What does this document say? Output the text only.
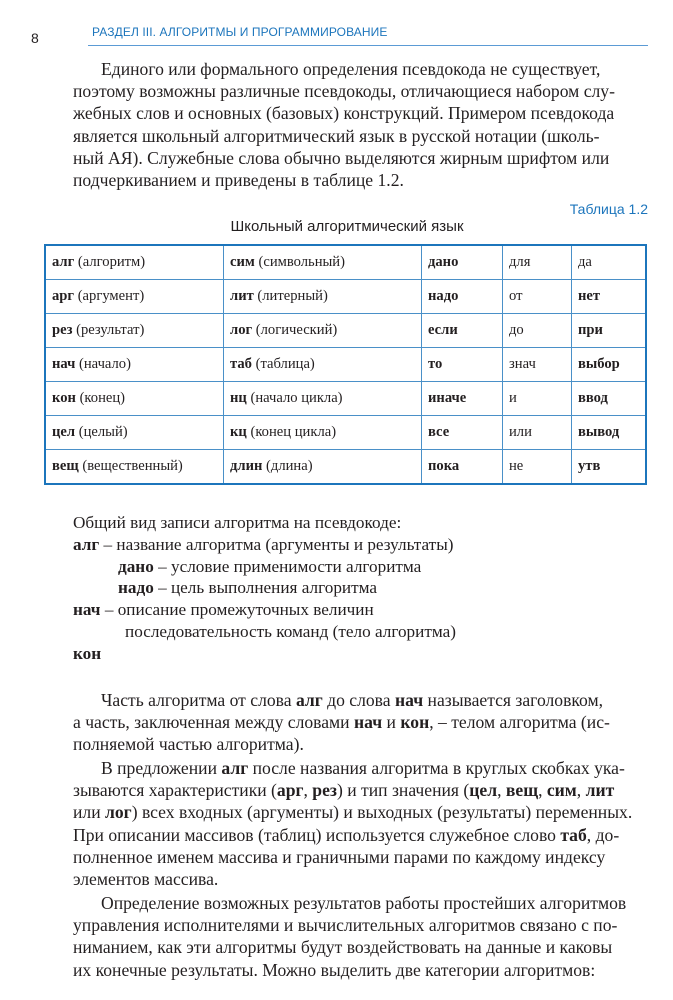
8	РАЗДЕЛ III. АЛГОРИТМЫ И ПРОГРАММИРОВАНИЕ
Единого или формального определения псевдокода не существует,
поэтому возможны различные псевдокоды, отличающиеся набором слу-
жебных слов и основных (базовых) конструкций. Примером псевдокода
является школьный алгоритмический язык в русской нотации (школь-
ный АЯ). Служебные слова обычно выделяются жирным шрифтом или
подчеркиванием и приведены в таблице 1.2.
Таблица 1.2
Школьный алгоритмический язык
алг (алгоритм)	сим (символьный)	дано	для	да
арг (аргумент)	лит (литерный)	надо	от	нет
рез (результат)	лог (логический)	если	до	при
нач (начало)	таб (таблица)	то	знач	выбор
кон (конец)	нц (начало цикла)	иначе	и	ввод
цел (целый)	кц (конец цикла)	все	или	вывод
вещ (вещественный)	длин (длина)	пока	не	утв
Общий вид записи алгоритма на псевдокоде:
алг – название алгоритма (аргументы и результаты)
дано – условие применимости алгоритма
надо – цель выполнения алгоритма
нач – описание промежуточных величин
последовательность команд (тело алгоритма)
кон
Часть алгоритма от слова алг до слова нач называется заголовком,
а часть, заключенная между словами нач и кон, – телом алгоритма (ис-
полняемой частью алгоритма).
В предложении алг после названия алгоритма в круглых скобках ука-
зываются характеристики (арг, рез) и тип значения (цел, вещ, сим, лит
или лог) всех входных (аргументы) и выходных (результаты) переменных.
При описании массивов (таблиц) используется служебное слово таб, до-
полненное именем массива и граничными парами по каждому индексу
элементов массива.
Определение возможных результатов работы простейших алгоритмов
управления исполнителями и вычислительных алгоритмов связано с по-
ниманием, как эти алгоритмы будут воздействовать на данные и каковы
их конечные результаты. Можно выделить две категории алгоритмов:
